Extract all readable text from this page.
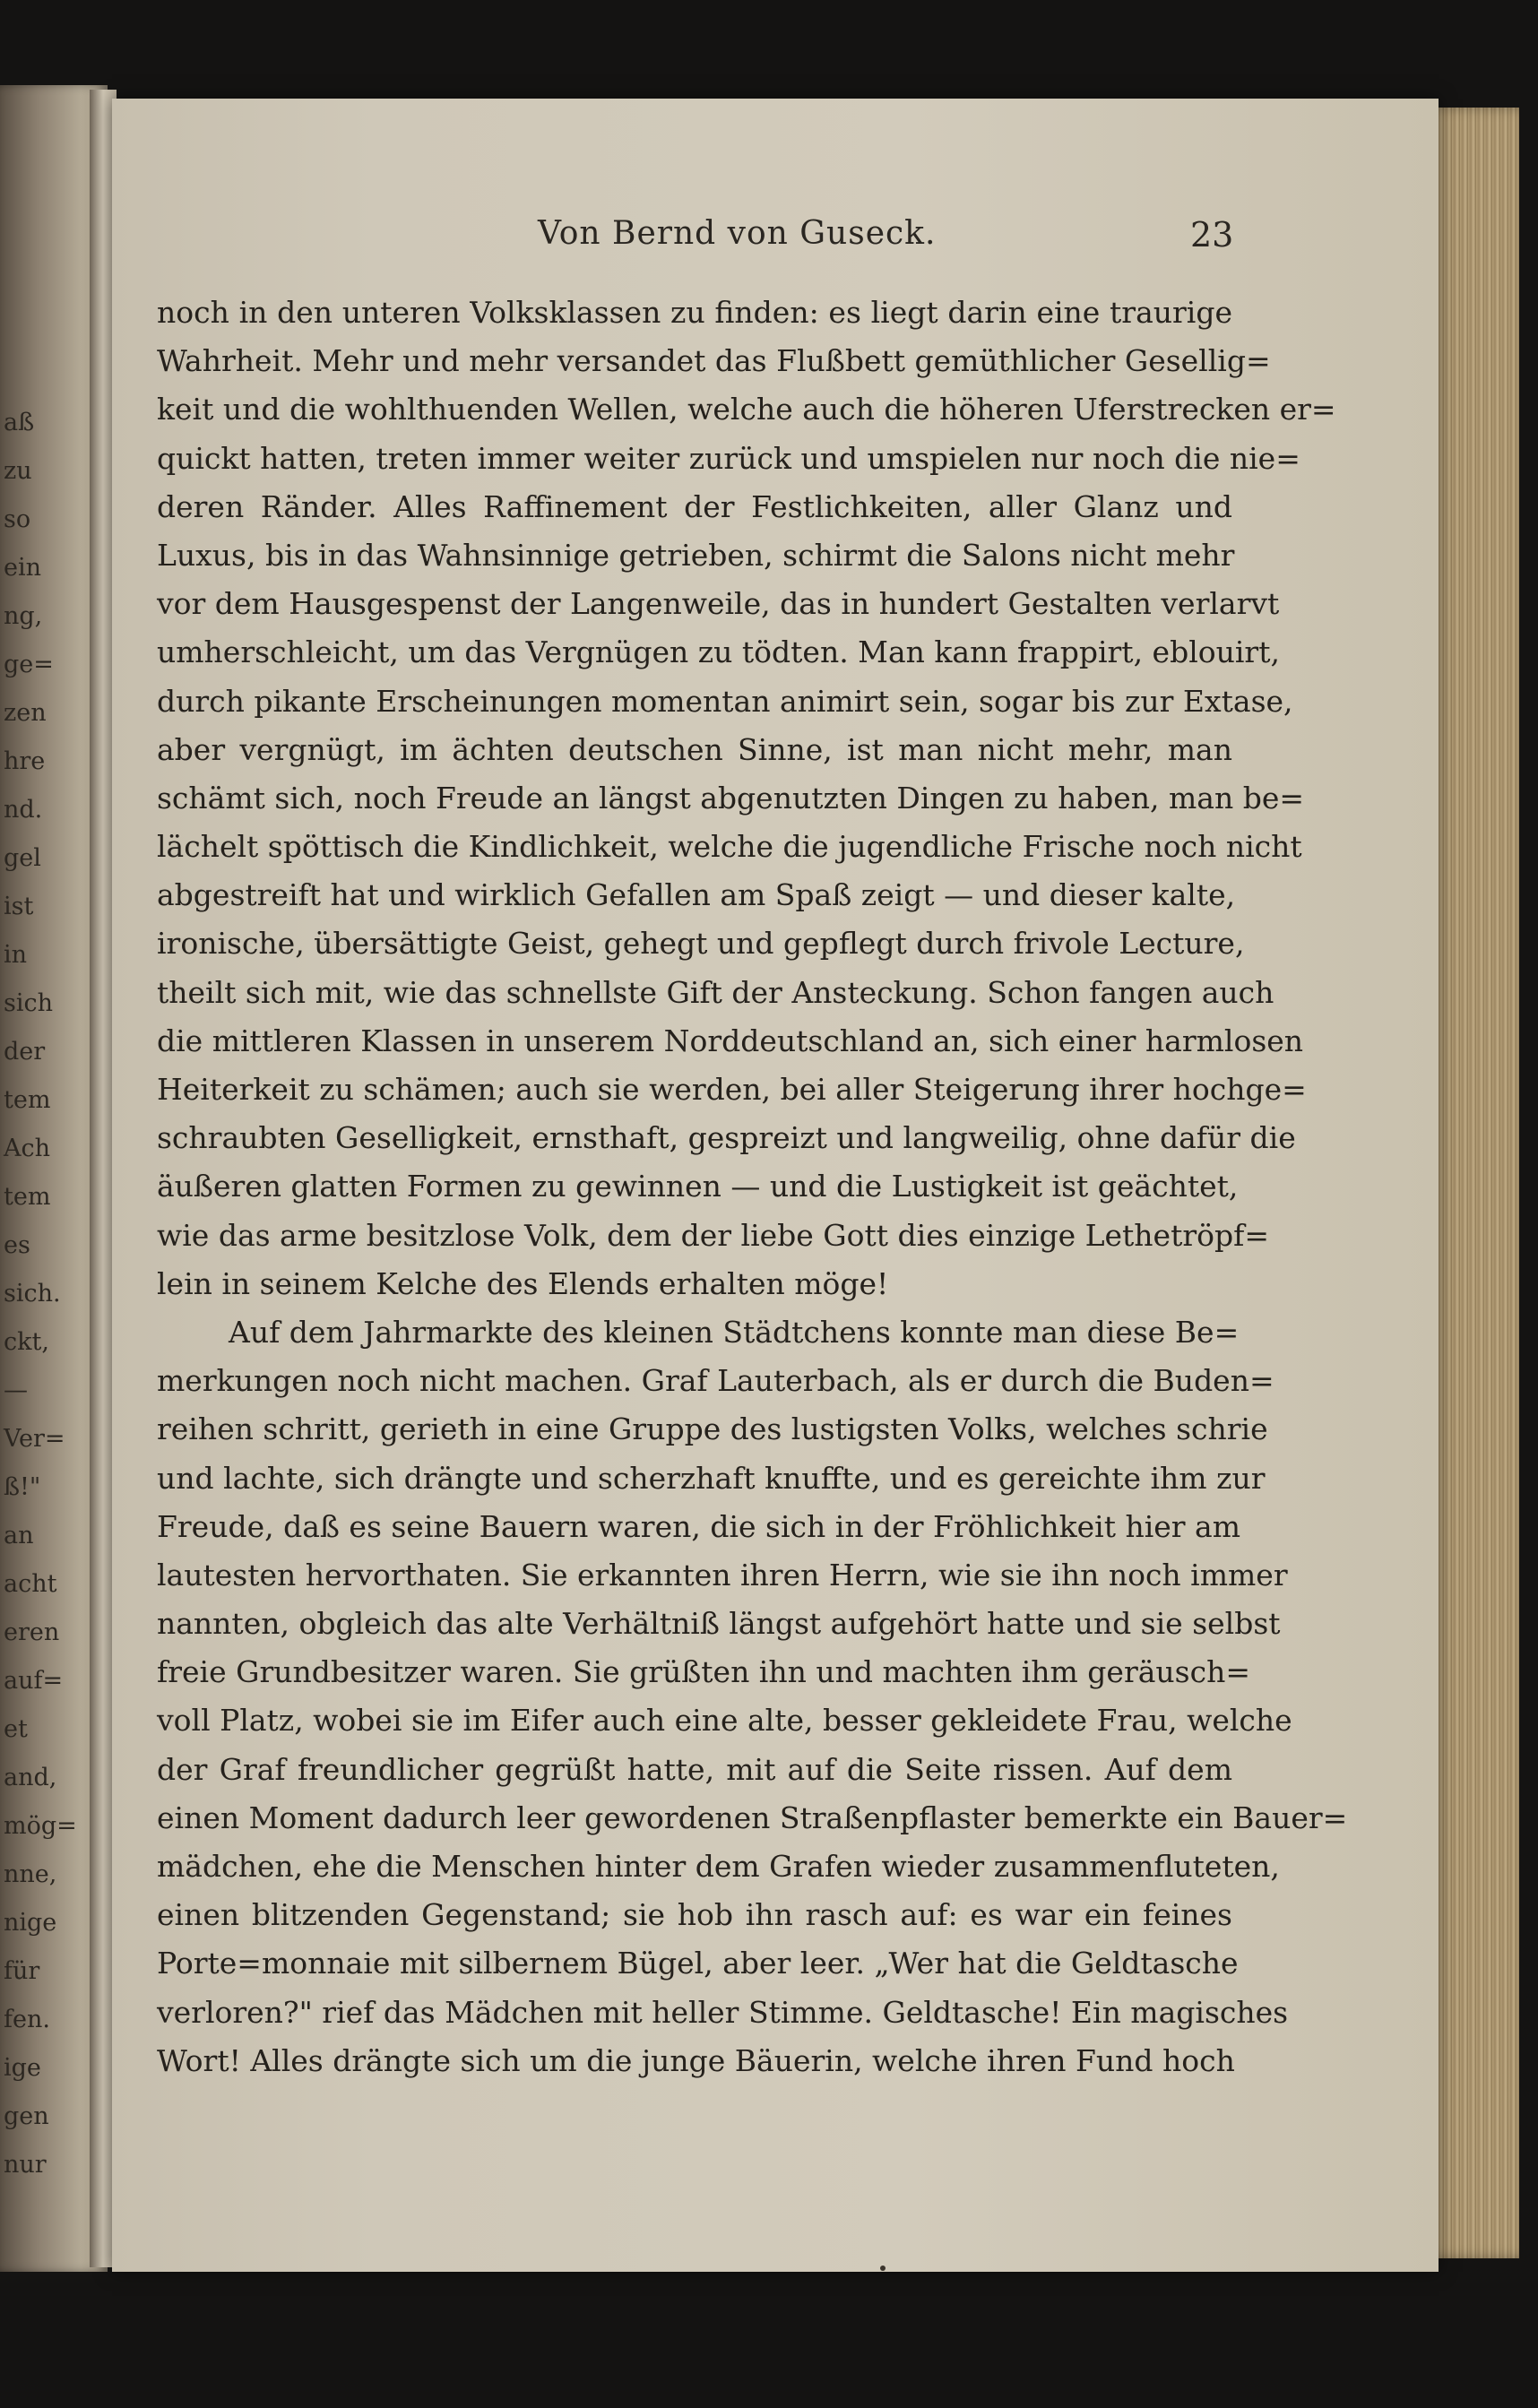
aß
zu
so
ein
ng,
ge=
zen
hre
nd.
gel
ist
in
sich
der
tem
Ach
tem
es
sich.
ckt,
—
Ver=
ß!"
an
acht
eren
auf=
et
and,
mög=
nne,
nige
für
fen.
ige
gen
nur
Von Bernd von Guseck.	23
noch in den unteren Volksklassen zu finden: es liegt darin eine traurige
Wahrheit. Mehr und mehr versandet das Flußbett gemüthlicher Gesellig=
keit und die wohlthuenden Wellen, welche auch die höheren Uferstrecken er=
quickt hatten, treten immer weiter zurück und umspielen nur noch die nie=
deren Ränder. Alles Raffinement der Festlichkeiten, aller Glanz und
Luxus, bis in das Wahnsinnige getrieben, schirmt die Salons nicht mehr
vor dem Hausgespenst der Langenweile, das in hundert Gestalten verlarvt
umherschleicht, um das Vergnügen zu tödten. Man kann frappirt, eblouirt,
durch pikante Erscheinungen momentan animirt sein, sogar bis zur Extase,
aber vergnügt, im ächten deutschen Sinne, ist man nicht mehr, man
schämt sich, noch Freude an längst abgenutzten Dingen zu haben, man be=
lächelt spöttisch die Kindlichkeit, welche die jugendliche Frische noch nicht
abgestreift hat und wirklich Gefallen am Spaß zeigt — und dieser kalte,
ironische, übersättigte Geist, gehegt und gepflegt durch frivole Lecture,
theilt sich mit, wie das schnellste Gift der Ansteckung. Schon fangen auch
die mittleren Klassen in unserem Norddeutschland an, sich einer harmlosen
Heiterkeit zu schämen; auch sie werden, bei aller Steigerung ihrer hochge=
schraubten Geselligkeit, ernsthaft, gespreizt und langweilig, ohne dafür die
äußeren glatten Formen zu gewinnen — und die Lustigkeit ist geächtet,
wie das arme besitzlose Volk, dem der liebe Gott dies einzige Lethetröpf=
lein in seinem Kelche des Elends erhalten möge!
Auf dem Jahrmarkte des kleinen Städtchens konnte man diese Be=
merkungen noch nicht machen. Graf Lauterbach, als er durch die Buden=
reihen schritt, gerieth in eine Gruppe des lustigsten Volks, welches schrie
und lachte, sich drängte und scherzhaft knuffte, und es gereichte ihm zur
Freude, daß es seine Bauern waren, die sich in der Fröhlichkeit hier am
lautesten hervorthaten. Sie erkannten ihren Herrn, wie sie ihn noch immer
nannten, obgleich das alte Verhältniß längst aufgehört hatte und sie selbst
freie Grundbesitzer waren. Sie grüßten ihn und machten ihm geräusch=
voll Platz, wobei sie im Eifer auch eine alte, besser gekleidete Frau, welche
der Graf freundlicher gegrüßt hatte, mit auf die Seite rissen. Auf dem
einen Moment dadurch leer gewordenen Straßenpflaster bemerkte ein Bauer=
mädchen, ehe die Menschen hinter dem Grafen wieder zusammenfluteten,
einen blitzenden Gegenstand; sie hob ihn rasch auf: es war ein feines
Porte=monnaie mit silbernem Bügel, aber leer. „Wer hat die Geldtasche
verloren?" rief das Mädchen mit heller Stimme. Geldtasche! Ein magisches
Wort! Alles drängte sich um die junge Bäuerin, welche ihren Fund hoch
